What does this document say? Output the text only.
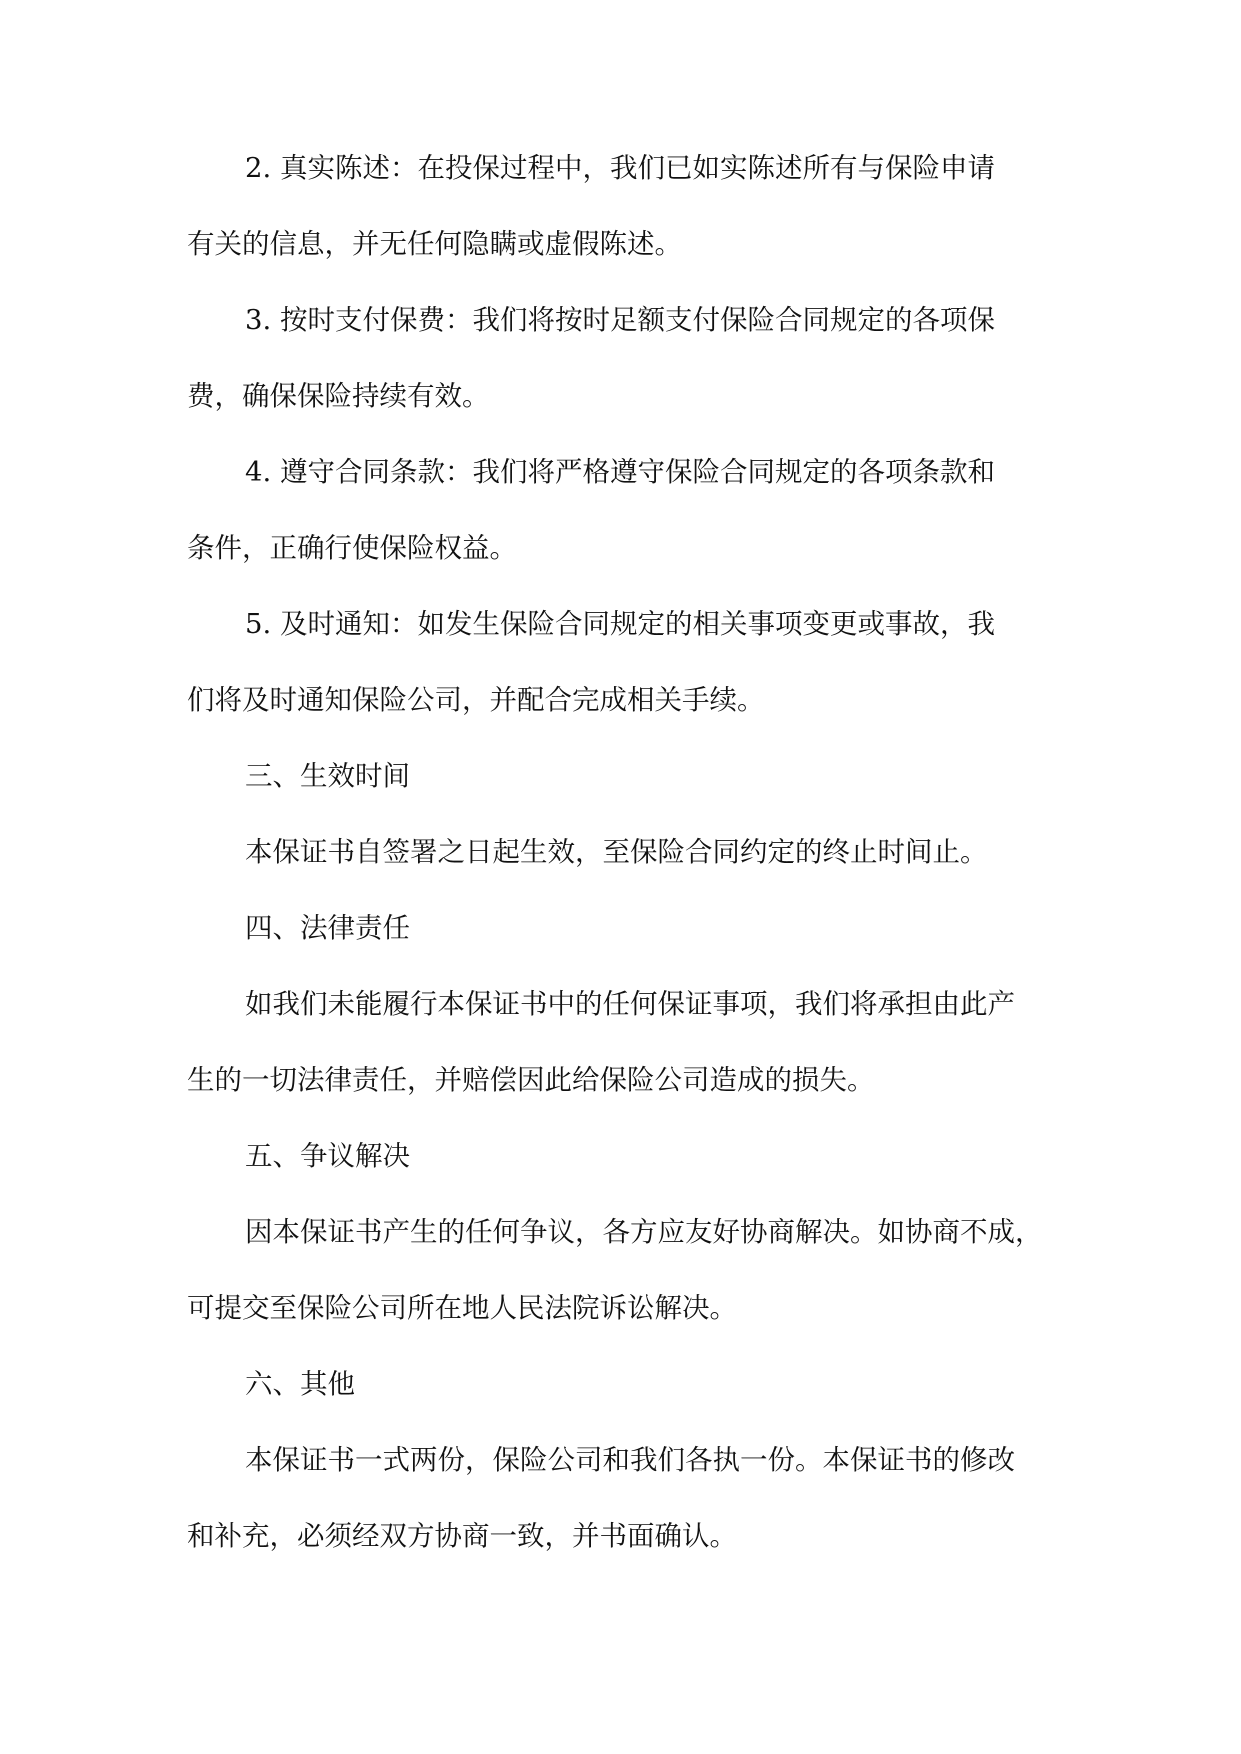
2. 真实陈述：在投保过程中，我们已如实陈述所有与保险申请
有关的信息，并无任何隐瞒或虚假陈述。
3. 按时支付保费：我们将按时足额支付保险合同规定的各项保
费，确保保险持续有效。
4. 遵守合同条款：我们将严格遵守保险合同规定的各项条款和
条件，正确行使保险权益。
5. 及时通知：如发生保险合同规定的相关事项变更或事故，我
们将及时通知保险公司，并配合完成相关手续。
三、生效时间
本保证书自签署之日起生效，至保险合同约定的终止时间止。
四、法律责任
如我们未能履行本保证书中的任何保证事项，我们将承担由此产
生的一切法律责任，并赔偿因此给保险公司造成的损失。
五、争议解决
因本保证书产生的任何争议，各方应友好协商解决。如协商不成，
可提交至保险公司所在地人民法院诉讼解决。
六、其他
本保证书一式两份，保险公司和我们各执一份。本保证书的修改
和补充，必须经双方协商一致，并书面确认。
